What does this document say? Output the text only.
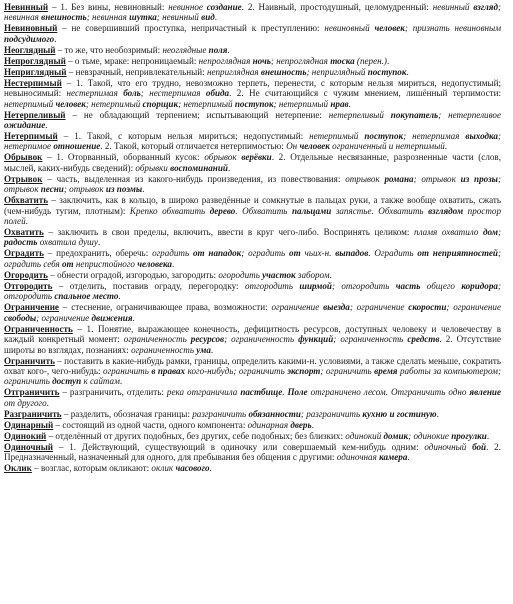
Невинный – 1. Без вины, невиновный: невинное создание. 2. Наивный, простодушный, целомудренный: невинный взгляд; невинная внешность; невинная шутка; невинный вид.
Невиновный – не совершивший проступка, непричастный к преступлению: невиновный человек; признать невиновным подсудимого.
Неоглядный – то же, что необозримый: неоглядные поля.
Непроглядный – о тьме, мраке: непроницаемый: непроглядная ночь; непроглядная тоска (перен.).
Неприглядный – невзрачный, непривлекательный: неприглядная внешность; неприглядный поступок.
Нестерпимый – 1. Такой, что его трудно, невозможно терпеть, перенести, с которым нельзя мириться, недопустимый; невыносимый: нестерпимая боль; нестерпимая обида. 2. Не считающийся с чужим мнением, лишённый терпимости: нетерпимый человек; нетерпимый спорщик; нетерпимый поступок; нетерпимый нрав.
Нетерпеливый – не обладающий терпением; испытывающий нетерпение: нетерпеливый покупатель; нетерпеливое ожидание.
Нетерпимый – 1. Такой, с которым нельзя мириться; недопустимый: нетерпимый поступок; нетерпимая выходка; нетерпимое отношение. 2. Такой, который отличается нетерпимостью: Он человек ограниченный и нетерпимый.
Обрывок – 1. Оторванный, оборванный кусок: обрывок верёвки. 2. Отдельные несвязанные, разрозненные части (слов, мыслей, каких-нибудь сведений): обрывки воспоминаний.
Отрывок – часть, выделенная из какого-нибудь произведения, из повествования: отрывок романа; отрывок из прозы; отрывок песни; отрывок из поэмы.
Обхватить – заключить, как в кольцо, в широко разведённые и сомкнутые в пальцах руки, а также вообще охватить, сжать (чем-нибудь тугим, плотным): Крепко обхватить дерево. Обхватить пальцами запястье. Обхватить взглядом простор полей.
Охватить – заключить в свои пределы, включить, ввести в круг чего-либо. Воспринять целиком: пламя охватило дом; радость охватила душу.
Оградить – предохранить, оберечь: оградить от нападок; оградить от чьих-н. выпадов. Оградить от неприятностей; оградить себя от непристойного человека.
Огородить – обнести оградой, изгородью, загородить: огородить участок забором.
Отгородить – отделить, поставив ограду, перегородку: отгородить ширмой; отгородить часть общего коридора; отгородить спальное место.
Ограничение – стеснение, ограничивающее права, возможности: ограничение выезда; ограничение скорости; ограничение свободы; ограничение движения.
Ограниченность – 1. Понятие, выражающее конечность, дефицитность ресурсов, доступных человеку и человечеству в каждый конкретный момент: ограниченность ресурсов; ограниченность функций; ограниченность средств. 2. Отсутствие широты во взглядах, познаниях: ограниченность ума.
Ограничить – поставить в какие-нибудь рамки, границы, определить какими-н. условиями, а также сделать меньше, сократить охват кого-, чего-нибудь: ограничить в правах кого-нибудь; ограничить экспорт; ограничить время работы за компьютером; ограничить доступ к сайтам.
Отграничить – разграничить, отделить: река отграничила пастбище. Поле отграничено лесом. Отграничить одно явление от другого.
Разграничить – разделить, обозначая границы: разграничить обязанности; разграничить кухню и гостиную.
Одинарный – состоящий из одной части, одного компонента: одинарная дверь.
Одинокий – отделённый от других подобных, без других, себе подобных; без близких: одинокий домик; одинокие прогулки.
Одиночный – 1. Действующий, существующий в одиночку или совершаемый кем-нибудь одним: одиночный бой. 2. Предназначенный, назначенный для одного, для пребывания без общения с другими: одиночная камера.
Оклик – возглас, которым окликают: оклик часового.
